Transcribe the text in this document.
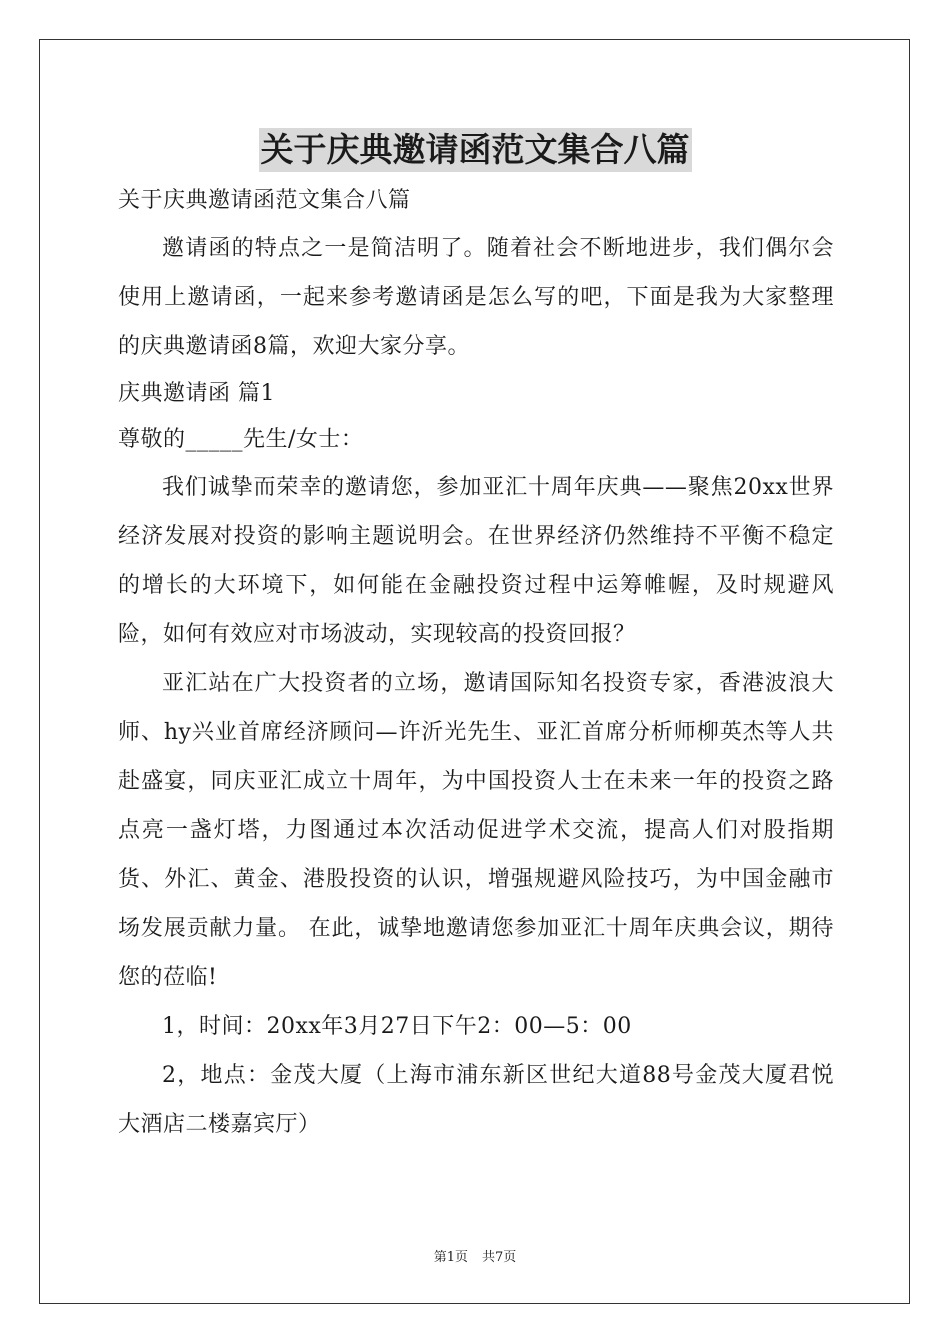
关于庆典邀请函范文集合八篇

关于庆典邀请函范文集合八篇

邀请函的特点之一是简洁明了。随着社会不断地进步，我们偶尔会使用上邀请函，一起来参考邀请函是怎么写的吧，下面是我为大家整理的庆典邀请函8篇，欢迎大家分享。

庆典邀请函 篇1

尊敬的_____先生/女士：

我们诚挚而荣幸的邀请您，参加亚汇十周年庆典——聚焦20xx世界经济发展对投资的影响主题说明会。在世界经济仍然维持不平衡不稳定的增长的大环境下，如何能在金融投资过程中运筹帷幄，及时规避风险，如何有效应对市场波动，实现较高的投资回报？

亚汇站在广大投资者的立场，邀请国际知名投资专家，香港波浪大师、hy兴业首席经济顾问—许沂光先生、亚汇首席分析师柳英杰等人共赴盛宴，同庆亚汇成立十周年，为中国投资人士在未来一年的投资之路点亮一盏灯塔，力图通过本次活动促进学术交流，提高人们对股指期货、外汇、黄金、港股投资的认识，增强规避风险技巧，为中国金融市场发展贡献力量。 在此，诚挚地邀请您参加亚汇十周年庆典会议，期待您的莅临!

1，时间：20xx年3月27日下午2：00—5：00

2，地点：金茂大厦（上海市浦东新区世纪大道88号金茂大厦君悦大酒店二楼嘉宾厅）

第1页 共7页
